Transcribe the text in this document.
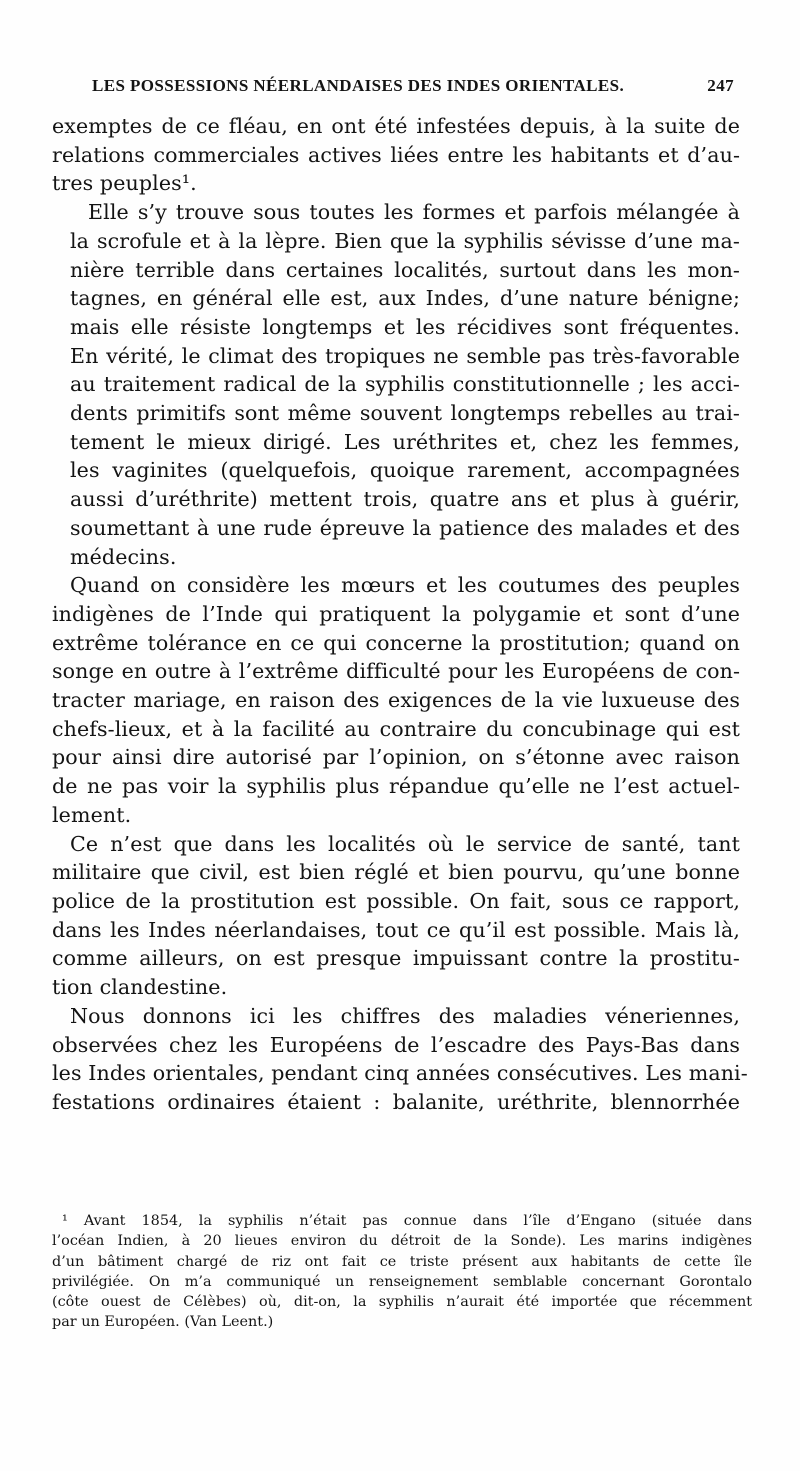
LES POSSESSIONS NÉERLANDAISES DES INDES ORIENTALES.	247

exemptes de ce fléau, en ont été infestées depuis, à la suite de
relations commerciales actives liées entre les habitants et d’au-
tres peuples¹.

Elle s’y trouve sous toutes les formes et parfois mélangée à
la scrofule et à la lèpre. Bien que la syphilis sévisse d’une ma-
nière terrible dans certaines localités, surtout dans les mon-
tagnes, en général elle est, aux Indes, d’une nature bénigne;
mais elle résiste longtemps et les récidives sont fréquentes.
En vérité, le climat des tropiques ne semble pas très-favorable
au traitement radical de la syphilis constitutionnelle ; les acci-
dents primitifs sont même souvent longtemps rebelles au trai-
tement le mieux dirigé. Les uréthrites et, chez les femmes,
les vaginites (quelquefois, quoique rarement, accompagnées
aussi d’uréthrite) mettent trois, quatre ans et plus à guérir,
soumettant à une rude épreuve la patience des malades et des
médecins.

Quand on considère les mœurs et les coutumes des peuples
indigènes de l’Inde qui pratiquent la polygamie et sont d’une
extrême tolérance en ce qui concerne la prostitution; quand on
songe en outre à l’extrême difficulté pour les Européens de con-
tracter mariage, en raison des exigences de la vie luxueuse des
chefs-lieux, et à la facilité au contraire du concubinage qui est
pour ainsi dire autorisé par l’opinion, on s’étonne avec raison
de ne pas voir la syphilis plus répandue qu’elle ne l’est actuel-
lement.

Ce n’est que dans les localités où le service de santé, tant
militaire que civil, est bien réglé et bien pourvu, qu’une bonne
police de la prostitution est possible. On fait, sous ce rapport,
dans les Indes néerlandaises, tout ce qu’il est possible. Mais là,
comme ailleurs, on est presque impuissant contre la prostitu-
tion clandestine.

Nous donnons ici les chiffres des maladies véneriennes,
observées chez les Européens de l’escadre des Pays-Bas dans
les Indes orientales, pendant cinq années consécutives. Les mani-
festations ordinaires étaient : balanite, uréthrite, blennorrhée

¹ Avant 1854, la syphilis n’était pas connue dans l’île d’Engano (située dans
l’océan Indien, à 20 lieues environ du détroit de la Sonde). Les marins indigènes
d’un bâtiment chargé de riz ont fait ce triste présent aux habitants de cette île
privilégiée. On m’a communiqué un renseignement semblable concernant Gorontalo
(côte ouest de Célèbes) où, dit-on, la syphilis n’aurait été importée que récemment
par un Européen. (Van Leent.)
